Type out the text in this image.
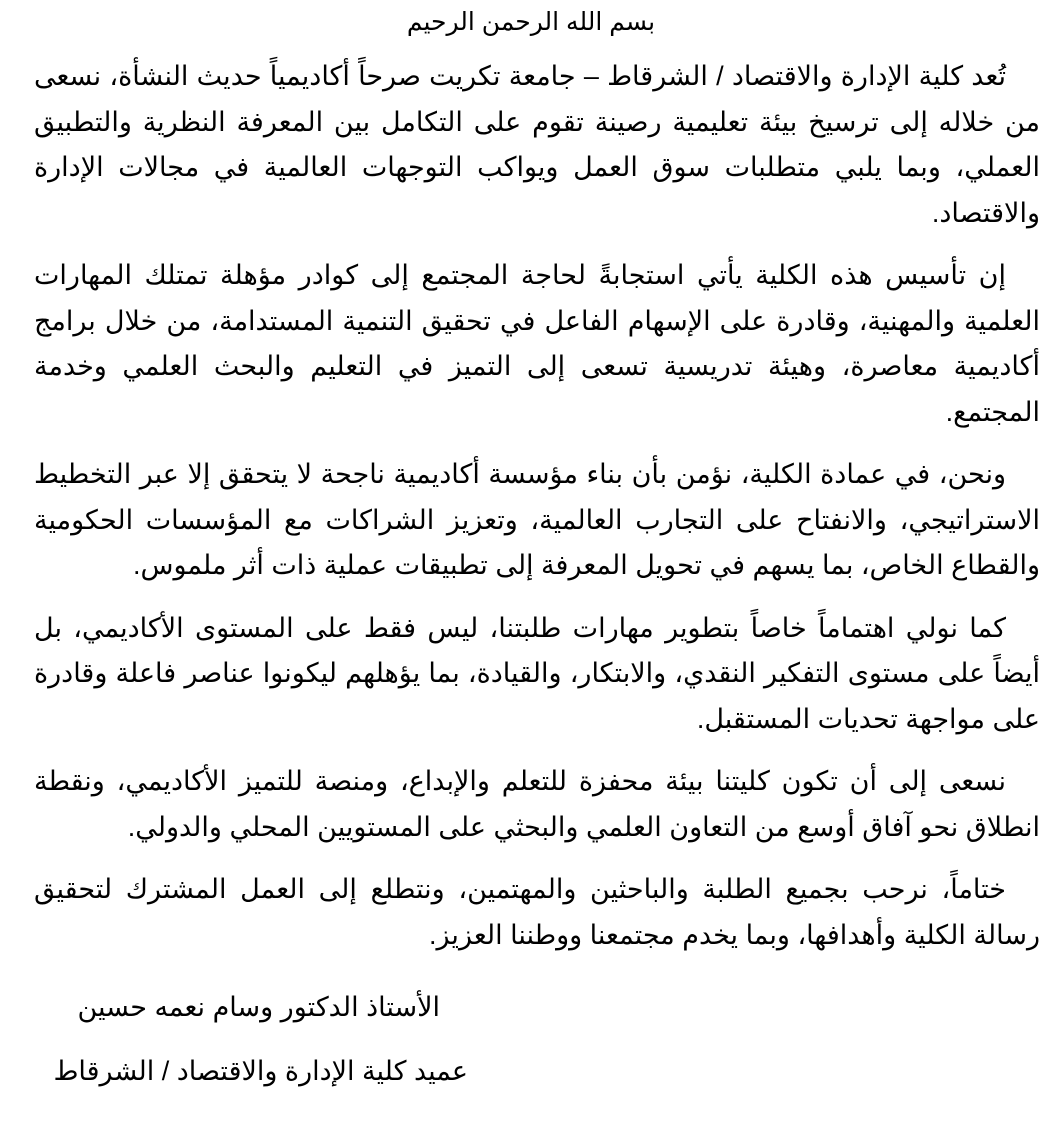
بسم الله الرحمن الرحيم

تُعد كلية الإدارة والاقتصاد / الشرقاط – جامعة تكريت صرحاً أكاديمياً حديث النشأة، نسعى من خلاله إلى ترسيخ بيئة تعليمية رصينة تقوم على التكامل بين المعرفة النظرية والتطبيق العملي، وبما يلبي متطلبات سوق العمل ويواكب التوجهات العالمية في مجالات الإدارة والاقتصاد.

إن تأسيس هذه الكلية يأتي استجابةً لحاجة المجتمع إلى كوادر مؤهلة تمتلك المهارات العلمية والمهنية، وقادرة على الإسهام الفاعل في تحقيق التنمية المستدامة، من خلال برامج أكاديمية معاصرة، وهيئة تدريسية تسعى إلى التميز في التعليم والبحث العلمي وخدمة المجتمع.

ونحن، في عمادة الكلية، نؤمن بأن بناء مؤسسة أكاديمية ناجحة لا يتحقق إلا عبر التخطيط الاستراتيجي، والانفتاح على التجارب العالمية، وتعزيز الشراكات مع المؤسسات الحكومية والقطاع الخاص، بما يسهم في تحويل المعرفة إلى تطبيقات عملية ذات أثر ملموس.

كما نولي اهتماماً خاصاً بتطوير مهارات طلبتنا، ليس فقط على المستوى الأكاديمي، بل أيضاً على مستوى التفكير النقدي، والابتكار، والقيادة، بما يؤهلهم ليكونوا عناصر فاعلة وقادرة على مواجهة تحديات المستقبل.

نسعى إلى أن تكون كليتنا بيئة محفزة للتعلم والإبداع، ومنصة للتميز الأكاديمي، ونقطة انطلاق نحو آفاق أوسع من التعاون العلمي والبحثي على المستويين المحلي والدولي.

ختاماً، نرحب بجميع الطلبة والباحثين والمهتمين، ونتطلع إلى العمل المشترك لتحقيق رسالة الكلية وأهدافها، وبما يخدم مجتمعنا ووطننا العزيز.

الأستاذ الدكتور وسام نعمه حسين
عميد كلية الإدارة والاقتصاد / الشرقاط
